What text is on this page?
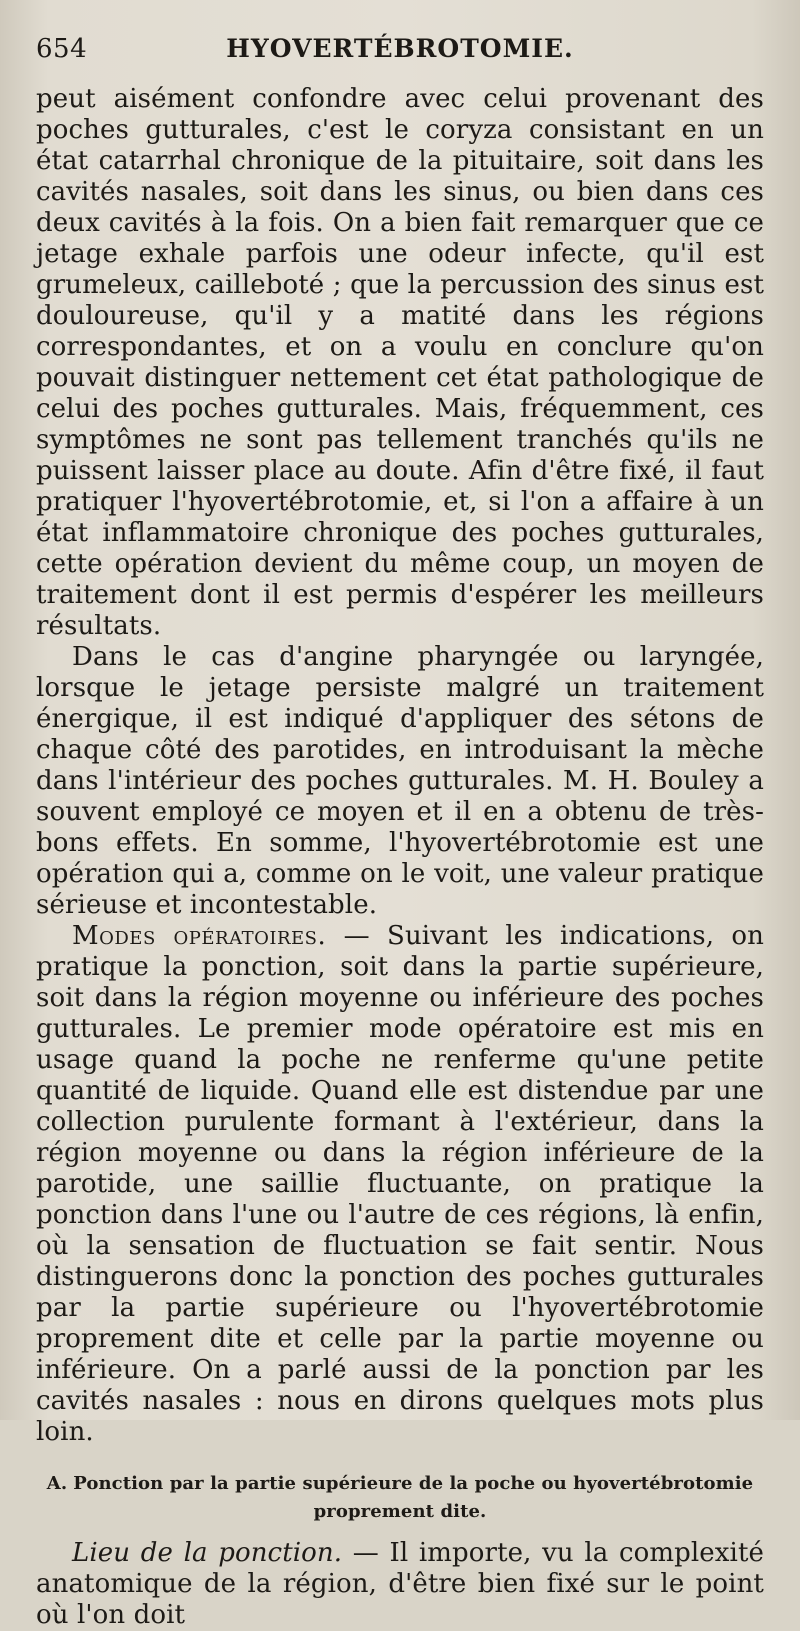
654	HYOVERTÉBROTOMIE.

peut aisément confondre avec celui provenant des poches gutturales, c'est le coryza consistant en un état catarrhal chronique de la pituitaire, soit dans les cavités nasales, soit dans les sinus, ou bien dans ces deux cavités à la fois. On a bien fait remarquer que ce jetage exhale parfois une odeur infecte, qu'il est grumeleux, cailleboté ; que la percussion des sinus est douloureuse, qu'il y a matité dans les régions correspondantes, et on a voulu en conclure qu'on pouvait distinguer nettement cet état pathologique de celui des poches gutturales. Mais, fréquemment, ces symptômes ne sont pas tellement tranchés qu'ils ne puissent laisser place au doute. Afin d'être fixé, il faut pratiquer l'hyovertébrotomie, et, si l'on a affaire à un état inflammatoire chronique des poches gutturales, cette opération devient du même coup, un moyen de traitement dont il est permis d'espérer les meilleurs résultats.

Dans le cas d'angine pharyngée ou laryngée, lorsque le jetage persiste malgré un traitement énergique, il est indiqué d'appliquer des sétons de chaque côté des parotides, en introduisant la mèche dans l'intérieur des poches gutturales. M. H. Bouley a souvent employé ce moyen et il en a obtenu de très-bons effets. En somme, l'hyovertébrotomie est une opération qui a, comme on le voit, une valeur pratique sérieuse et incontestable.

Modes opératoires. — Suivant les indications, on pratique la ponction, soit dans la partie supérieure, soit dans la région moyenne ou inférieure des poches gutturales. Le premier mode opératoire est mis en usage quand la poche ne renferme qu'une petite quantité de liquide. Quand elle est distendue par une collection purulente formant à l'extérieur, dans la région moyenne ou dans la région inférieure de la parotide, une saillie fluctuante, on pratique la ponction dans l'une ou l'autre de ces régions, là enfin, où la sensation de fluctuation se fait sentir. Nous distinguerons donc la ponction des poches gutturales par la partie supérieure ou l'hyovertébrotomie proprement dite et celle par la partie moyenne ou inférieure. On a parlé aussi de la ponction par les cavités nasales : nous en dirons quelques mots plus loin.

A. Ponction par la partie supérieure de la poche ou hyovertébrotomie proprement dite.

Lieu de la ponction. — Il importe, vu la complexité anatomique de la région, d'être bien fixé sur le point où l'on doit
